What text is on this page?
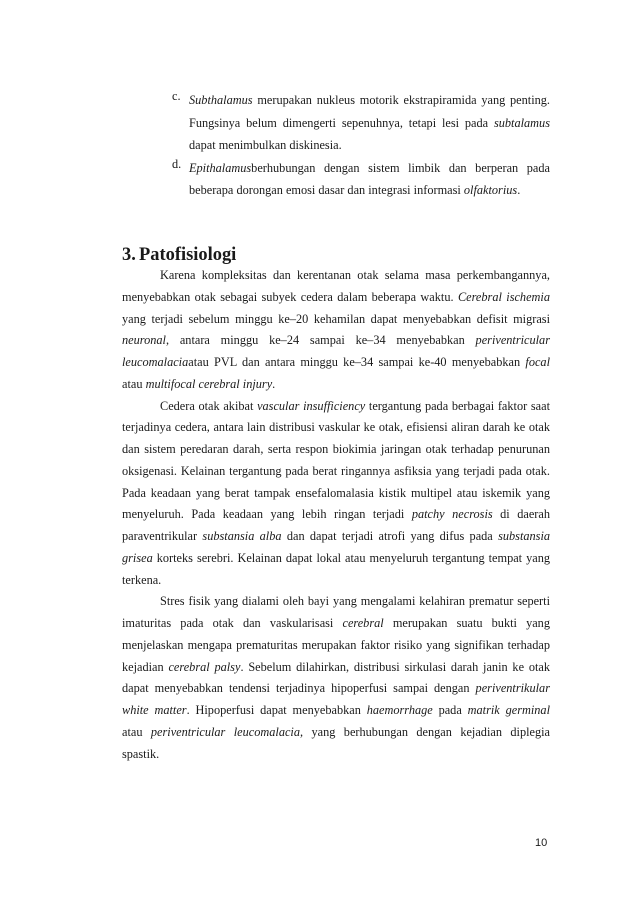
c. Subthalamus merupakan nukleus motorik ekstrapiramida yang penting. Fungsinya belum dimengerti sepenuhnya, tetapi lesi pada subtalamus dapat menimbulkan diskinesia.

d. Epithalamusberhubungan dengan sistem limbik dan berperan pada beberapa dorongan emosi dasar dan integrasi informasi olfaktorius.

3. Patofisiologi

Karena kompleksitas dan kerentanan otak selama masa perkembangannya, menyebabkan otak sebagai subyek cedera dalam beberapa waktu. Cerebral ischemia yang terjadi sebelum minggu ke–20 kehamilan dapat menyebabkan defisit migrasi neuronal, antara minggu ke–24 sampai ke–34 menyebabkan periventricular leucomalaciaatau PVL dan antara minggu ke–34 sampai ke-40 menyebabkan focal atau multifocal cerebral injury.

Cedera otak akibat vascular insufficiency tergantung pada berbagai faktor saat terjadinya cedera, antara lain distribusi vaskular ke otak, efisiensi aliran darah ke otak dan sistem peredaran darah, serta respon biokimia jaringan otak terhadap penurunan oksigenasi. Kelainan tergantung pada berat ringannya asfiksia yang terjadi pada otak. Pada keadaan yang berat tampak ensefalomalasia kistik multipel atau iskemik yang menyeluruh. Pada keadaan yang lebih ringan terjadi patchy necrosis di daerah paraventrikular substansia alba dan dapat terjadi atrofi yang difus pada substansia grisea korteks serebri. Kelainan dapat lokal atau menyeluruh tergantung tempat yang terkena.

Stres fisik yang dialami oleh bayi yang mengalami kelahiran prematur seperti imaturitas pada otak dan vaskularisasi cerebral merupakan suatu bukti yang menjelaskan mengapa prematuritas merupakan faktor risiko yang signifikan terhadap kejadian cerebral palsy. Sebelum dilahirkan, distribusi sirkulasi darah janin ke otak dapat menyebabkan tendensi terjadinya hipoperfusi sampai dengan periventrikular white matter. Hipoperfusi dapat menyebabkan haemorrhage pada matrik germinal atau periventricular leucomalacia, yang berhubungan dengan kejadian diplegia spastik.

10
